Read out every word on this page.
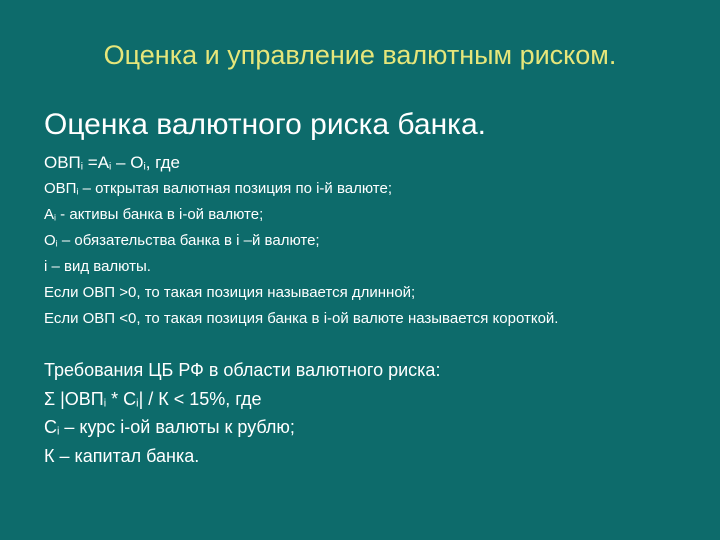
Оценка и управление валютным риском.
Оценка валютного риска банка.
$ОВП_i =А_i - О_i$, где
$ОВП_i$ – открытая валютная позиция по i-й валюте;
$А_i$ - активы банка в i-ой валюте;
$О_i$ – обязательства банка в i –й валюте;
i – вид валюты.
Если ОВП >0, то такая позиция называется длинной;
Если ОВП <0, то такая позиция банка в i-ой валюте называется короткой.
Требования ЦБ РФ в области валютного риска:
Σ $|ОВП_i * С_i| / К < 15\%$, где
$С_i$ – курс i-ой валюты к рублю;
К – капитал банка.
